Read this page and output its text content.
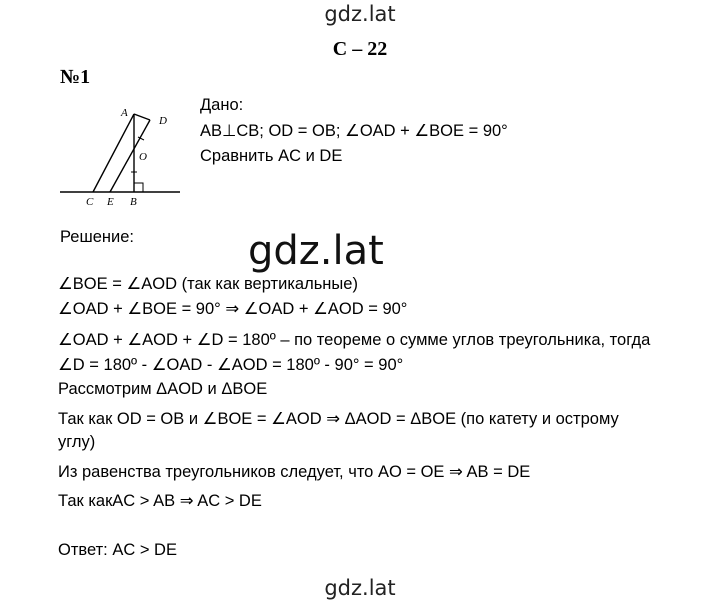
gdz.lat
С – 22
№1
A
D
O
C E B
Дано:
AB⊥CB; OD = OB; ∠OAD + ∠BOE = 90°
Сравнить AC и DE
Решение:	gdz.lat
∠BOE = ∠AOD (так как вертикальные)
∠OAD + ∠BOE = 90° ⇒ ∠OAD + ∠AOD = 90°
∠OAD + ∠AOD + ∠D = 180º – по теореме о сумме углов треугольника, тогда
∠D = 180º - ∠OAD - ∠AOD = 180º - 90° = 90°
Рассмотрим ΔAOD и ΔBOE
Так как OD = OB и ∠BOE = ∠AOD ⇒ ΔAOD = ΔBOE (по катету и острому
углу)
Из равенства треугольников следует, что AO = OE ⇒ AB = DE
Так какAC > AB ⇒ AC > DE
Ответ: AC > DE
gdz.lat
